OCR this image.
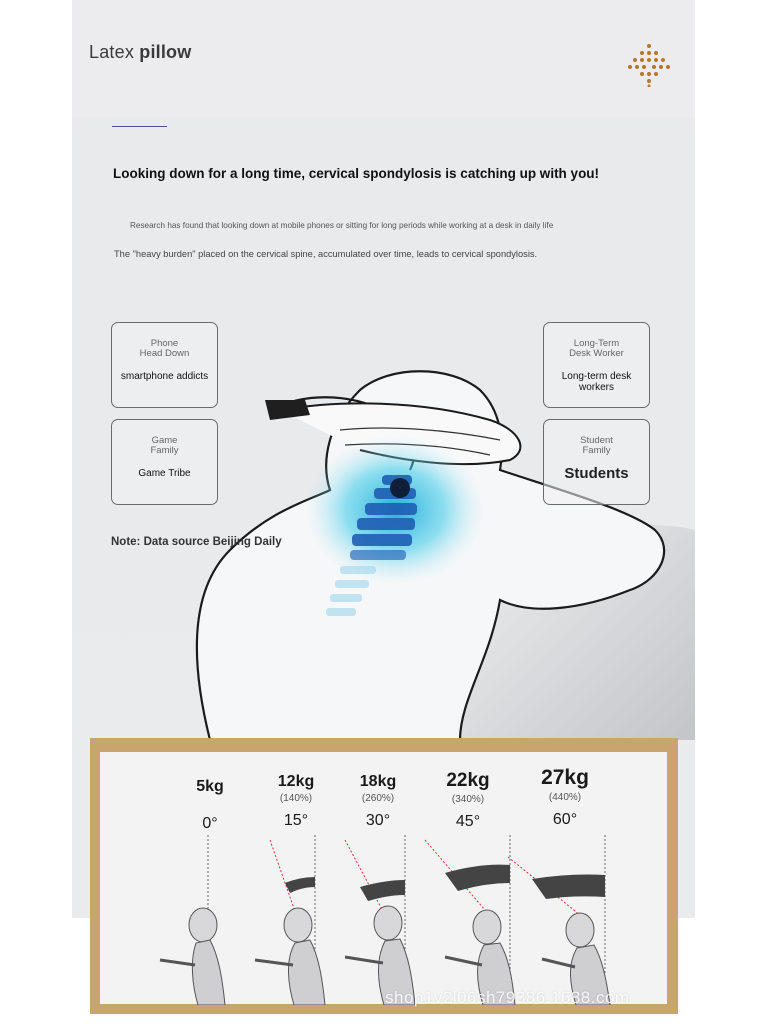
Latex pillow
Looking down for a long time, cervical spondylosis is catching up with you!
Research has found that looking down at mobile phones or sitting for long periods while working at a desk in daily life
The "heavy burden" placed on the cervical spine, accumulated over time, leads to cervical spondylosis.
Phone
Head Down
smartphone addicts
Long-Term
Desk Worker
Long-term desk workers
Game
Family
Game Tribe
Student
Family
Students
Note: Data source Beijing Daily
5kg
0°
12kg
(140%)
15°
18kg
(260%)
30°
22kg
(340%)
45°
27kg
(440%)
60°
shop1v2l06sh79386.1688.com
